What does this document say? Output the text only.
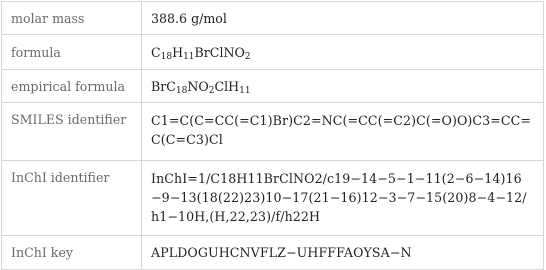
molar mass	388.6 g/mol
formula	$C_{18}H_{11}BrClNO_2$
empirical formula	$BrC_{18}NO_2ClH_{11}$
SMILES identifier	C1=C(C=CC(=C1)Br)C2=NC(=CC(=C2)C(=O)O)C3=CC=C(C=C3)Cl
InChI identifier	InChI=1/C18H11BrClNO2/c19−14−5−1−11(2−6−14)16−9−13(18(22)23)10−17(21−16)12−3−7−15(20)8−4−12/h1−10H,(H,22,23)/f/h22H
InChI key	APLDOGUHCNVFLZ−UHFFFAOYSA−N
